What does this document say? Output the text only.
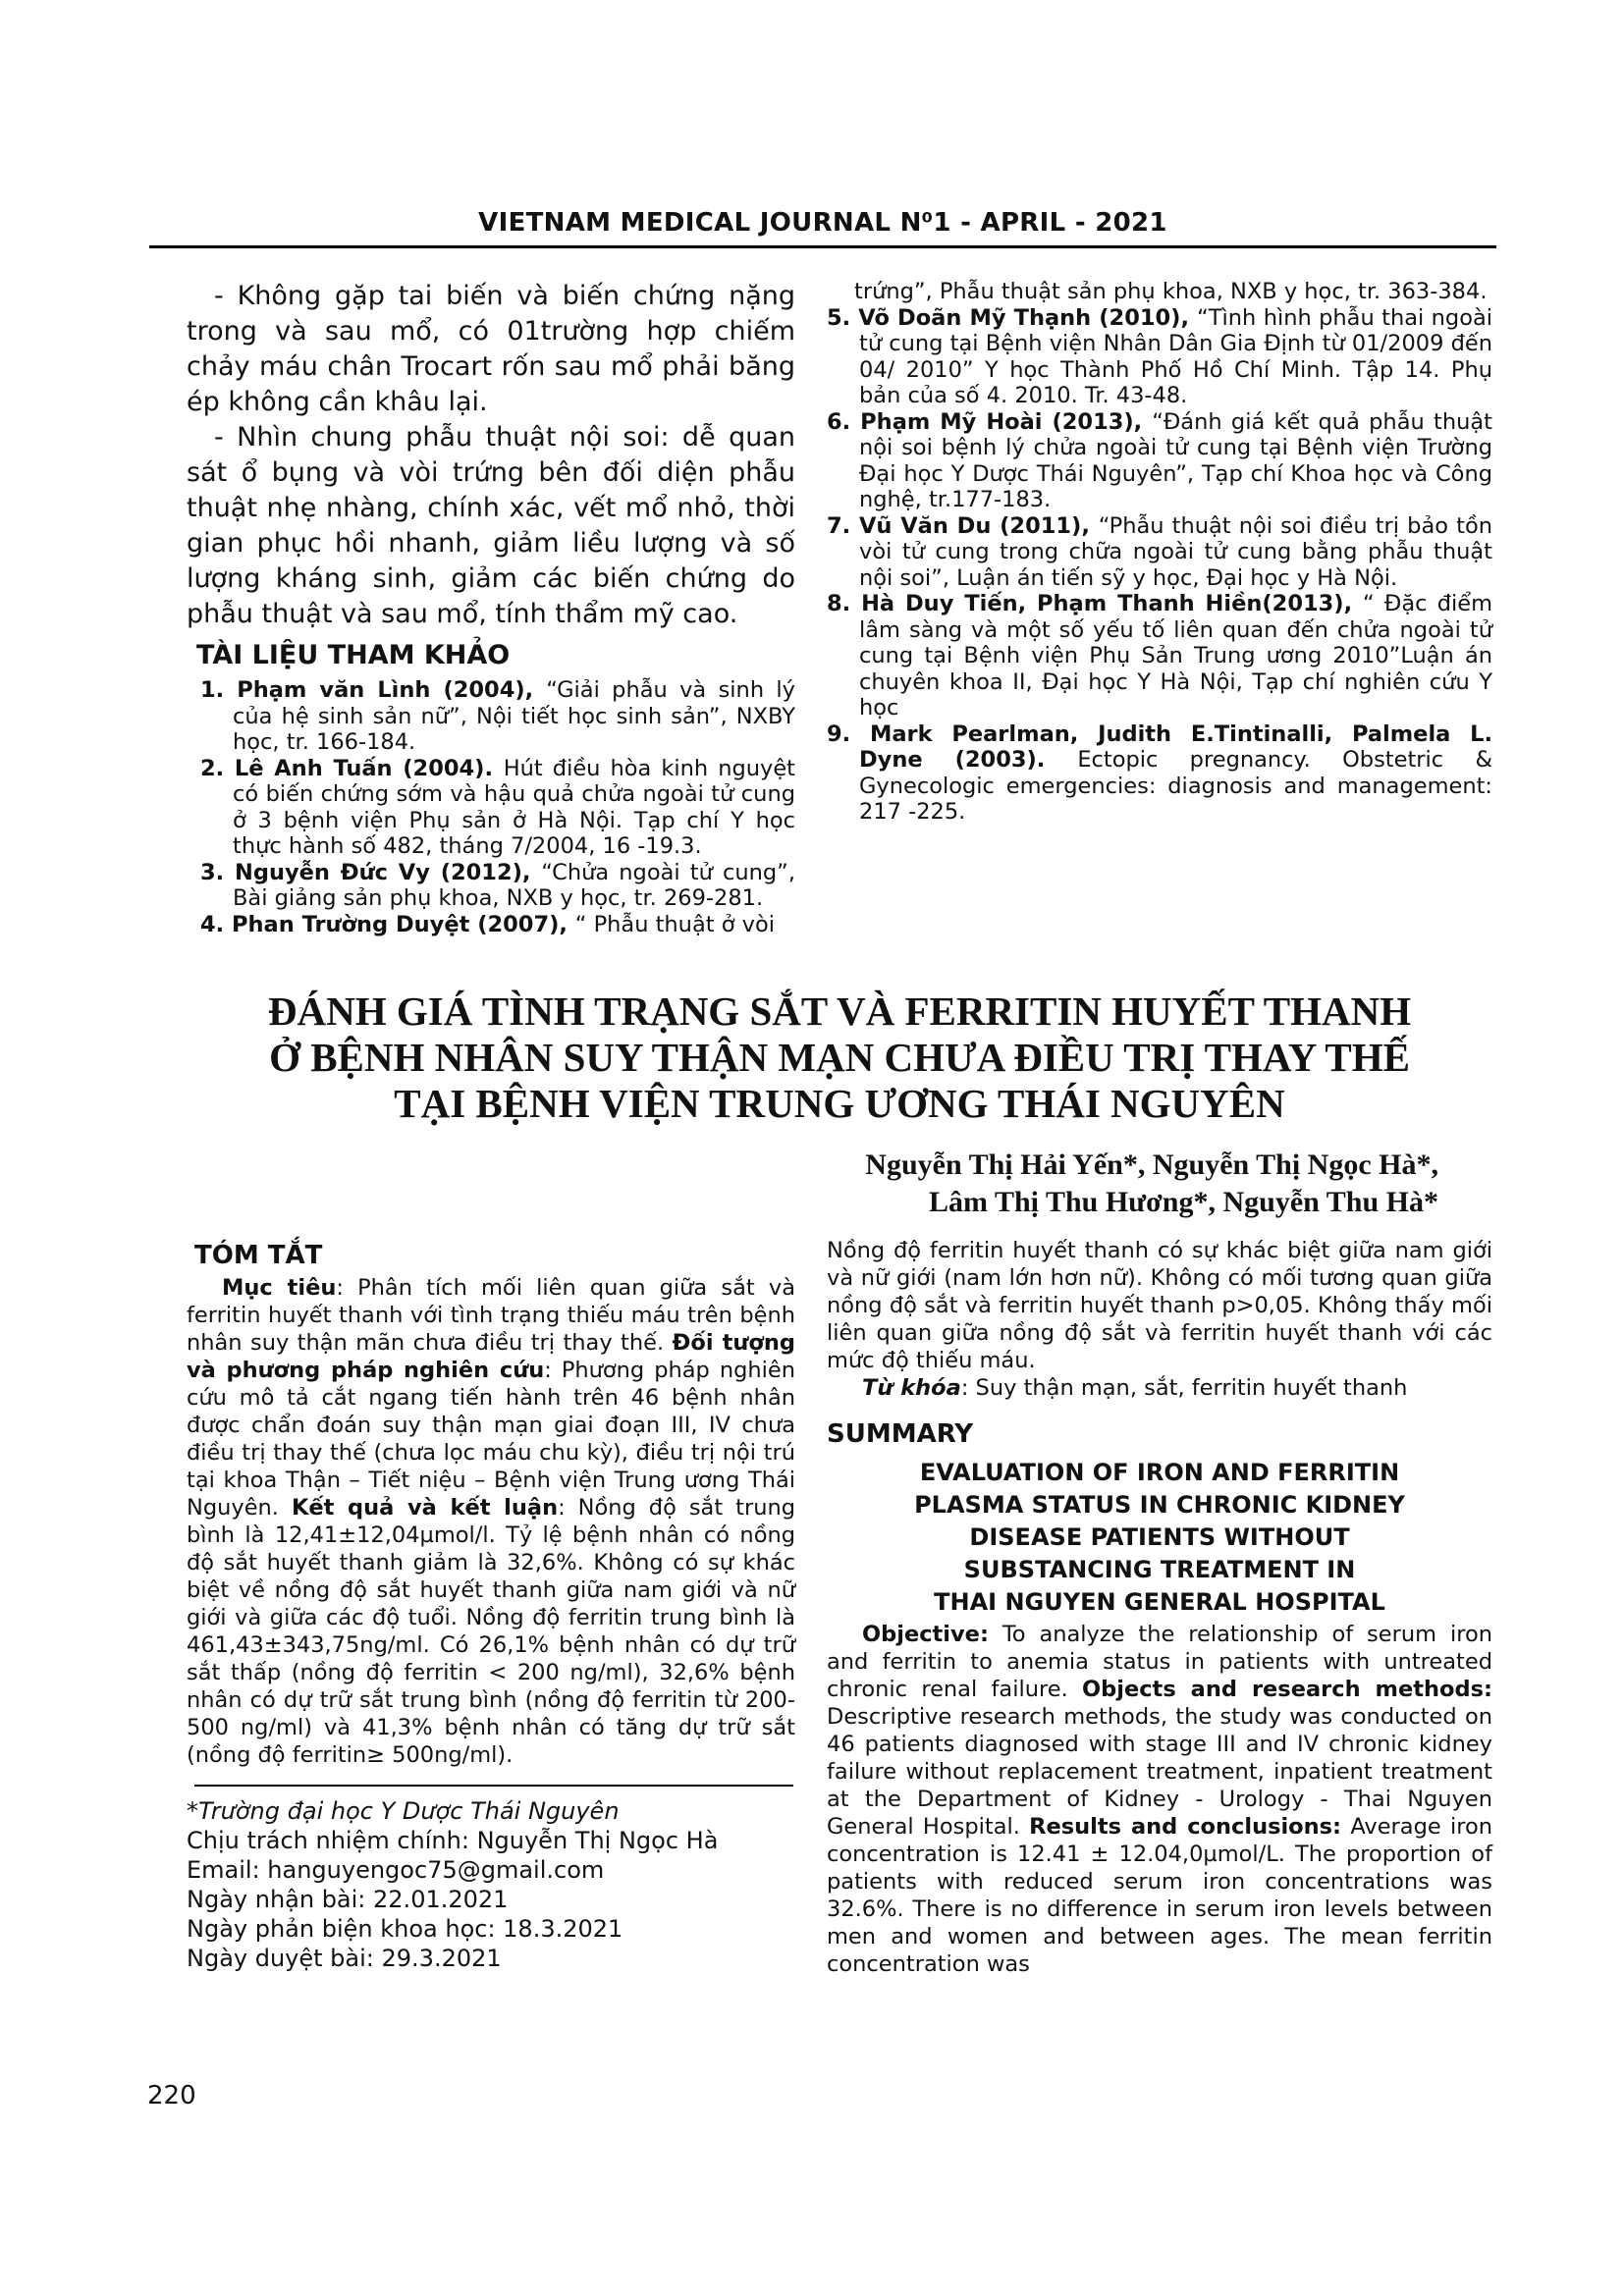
VIETNAM MEDICAL JOURNAL N⁰1 - APRIL - 2021

- Không gặp tai biến và biến chứng nặng trong và sau mổ, có 01trường hợp chiếm chảy máu chân Trocart rốn sau mổ phải băng ép không cần khâu lại.

- Nhìn chung phẫu thuật nội soi: dễ quan sát ổ bụng và vòi trứng bên đối diện phẫu thuật nhẹ nhàng, chính xác, vết mổ nhỏ, thời gian phục hồi nhanh, giảm liều lượng và số lượng kháng sinh, giảm các biến chứng do phẫu thuật và sau mổ, tính thẩm mỹ cao.

TÀI LIỆU THAM KHẢO
1. Phạm văn Lình (2004), “Giải phẫu và sinh lý của hệ sinh sản nữ”, Nội tiết học sinh sản”, NXBY học, tr. 166-184.
2. Lê Anh Tuấn (2004). Hút điều hòa kinh nguyệt có biến chứng sớm và hậu quả chửa ngoài tử cung ở 3 bệnh viện Phụ sản ở Hà Nội. Tạp chí Y học thực hành số 482, tháng 7/2004, 16 -19.3.
3. Nguyễn Đức Vy (2012), “Chửa ngoài tử cung”, Bài giảng sản phụ khoa, NXB y học, tr. 269-281.
4. Phan Trường Duyệt (2007), “ Phẫu thuật ở vòi
trứng”, Phẫu thuật sản phụ khoa, NXB y học, tr. 363-384.
5. Võ Doãn Mỹ Thạnh (2010), “Tình hình phẫu thai ngoài tử cung tại Bệnh viện Nhân Dân Gia Định từ 01/2009 đến 04/ 2010” Y học Thành Phố Hồ Chí Minh. Tập 14. Phụ bản của số 4. 2010. Tr. 43-48.
6. Phạm Mỹ Hoài (2013), “Đánh giá kết quả phẫu thuật nội soi bệnh lý chửa ngoài tử cung tại Bệnh viện Trường Đại học Y Dược Thái Nguyên”, Tạp chí Khoa học và Công nghệ, tr.177-183.
7. Vũ Văn Du (2011), “Phẫu thuật nội soi điều trị bảo tồn vòi tử cung trong chữa ngoài tử cung bằng phẫu thuật nội soi”, Luận án tiến sỹ y học, Đại học y Hà Nội.
8. Hà Duy Tiến, Phạm Thanh Hiền(2013), “ Đặc điểm lâm sàng và một số yếu tố liên quan đến chửa ngoài tử cung tại Bệnh viện Phụ Sản Trung ương 2010”Luận án chuyên khoa II, Đại học Y Hà Nội, Tạp chí nghiên cứu Y học
9. Mark Pearlman, Judith E.Tintinalli, Palmela L. Dyne (2003). Ectopic pregnancy. Obstetric & Gynecologic emergencies: diagnosis and management: 217 -225.
ĐÁNH GIÁ TÌNH TRẠNG SẮT VÀ FERRITIN HUYẾT THANH
Ở BỆNH NHÂN SUY THẬN MẠN CHƯA ĐIỀU TRỊ THAY THẾ
TẠI BỆNH VIỆN TRUNG ƯƠNG THÁI NGUYÊN
Nguyễn Thị Hải Yến*, Nguyễn Thị Ngọc Hà*,
Lâm Thị Thu Hương*, Nguyễn Thu Hà*
TÓM TẮT

Mục tiêu: Phân tích mối liên quan giữa sắt và ferritin huyết thanh với tình trạng thiếu máu trên bệnh nhân suy thận mãn chưa điều trị thay thế. Đối tượng và phương pháp nghiên cứu: Phương pháp nghiên cứu mô tả cắt ngang tiến hành trên 46 bệnh nhân được chẩn đoán suy thận mạn giai đoạn III, IV chưa điều trị thay thế (chưa lọc máu chu kỳ), điều trị nội trú tại khoa Thận – Tiết niệu – Bệnh viện Trung ương Thái Nguyên. Kết quả và kết luận: Nồng độ sắt trung bình là 12,41±12,04µmol/l. Tỷ lệ bệnh nhân có nồng độ sắt huyết thanh giảm là 32,6%. Không có sự khác biệt về nồng độ sắt huyết thanh giữa nam giới và nữ giới và giữa các độ tuổi. Nồng độ ferritin trung bình là 461,43±343,75ng/ml. Có 26,1% bệnh nhân có dự trữ sắt thấp (nồng độ ferritin < 200 ng/ml), 32,6% bệnh nhân có dự trữ sắt trung bình (nồng độ ferritin từ 200-500 ng/ml) và 41,3% bệnh nhân có tăng dự trữ sắt (nồng độ ferritin≥ 500ng/ml).

*Trường đại học Y Dược Thái Nguyên
Chịu trách nhiệm chính: Nguyễn Thị Ngọc Hà
Email: hanguyengoc75@gmail.com
Ngày nhận bài: 22.01.2021
Ngày phản biện khoa học: 18.3.2021
Ngày duyệt bài: 29.3.2021

Nồng độ ferritin huyết thanh có sự khác biệt giữa nam giới và nữ giới (nam lớn hơn nữ). Không có mối tương quan giữa nồng độ sắt và ferritin huyết thanh p>0,05. Không thấy mối liên quan giữa nồng độ sắt và ferritin huyết thanh với các mức độ thiếu máu.

Từ khóa: Suy thận mạn, sắt, ferritin huyết thanh

SUMMARY
EVALUATION OF IRON AND FERRITIN
PLASMA STATUS IN CHRONIC KIDNEY
DISEASE PATIENTS WITHOUT
SUBSTANCING TREATMENT IN
THAI NGUYEN GENERAL HOSPITAL

Objective: To analyze the relationship of serum iron and ferritin to anemia status in patients with untreated chronic renal failure. Objects and research methods: Descriptive research methods, the study was conducted on 46 patients diagnosed with stage III and IV chronic kidney failure without replacement treatment, inpatient treatment at the Department of Kidney - Urology - Thai Nguyen General Hospital. Results and conclusions: Average iron concentration is 12.41 ± 12.04,0µmol/L. The proportion of patients with reduced serum iron concentrations was 32.6%. There is no difference in serum iron levels between men and women and between ages. The mean ferritin concentration was

220
